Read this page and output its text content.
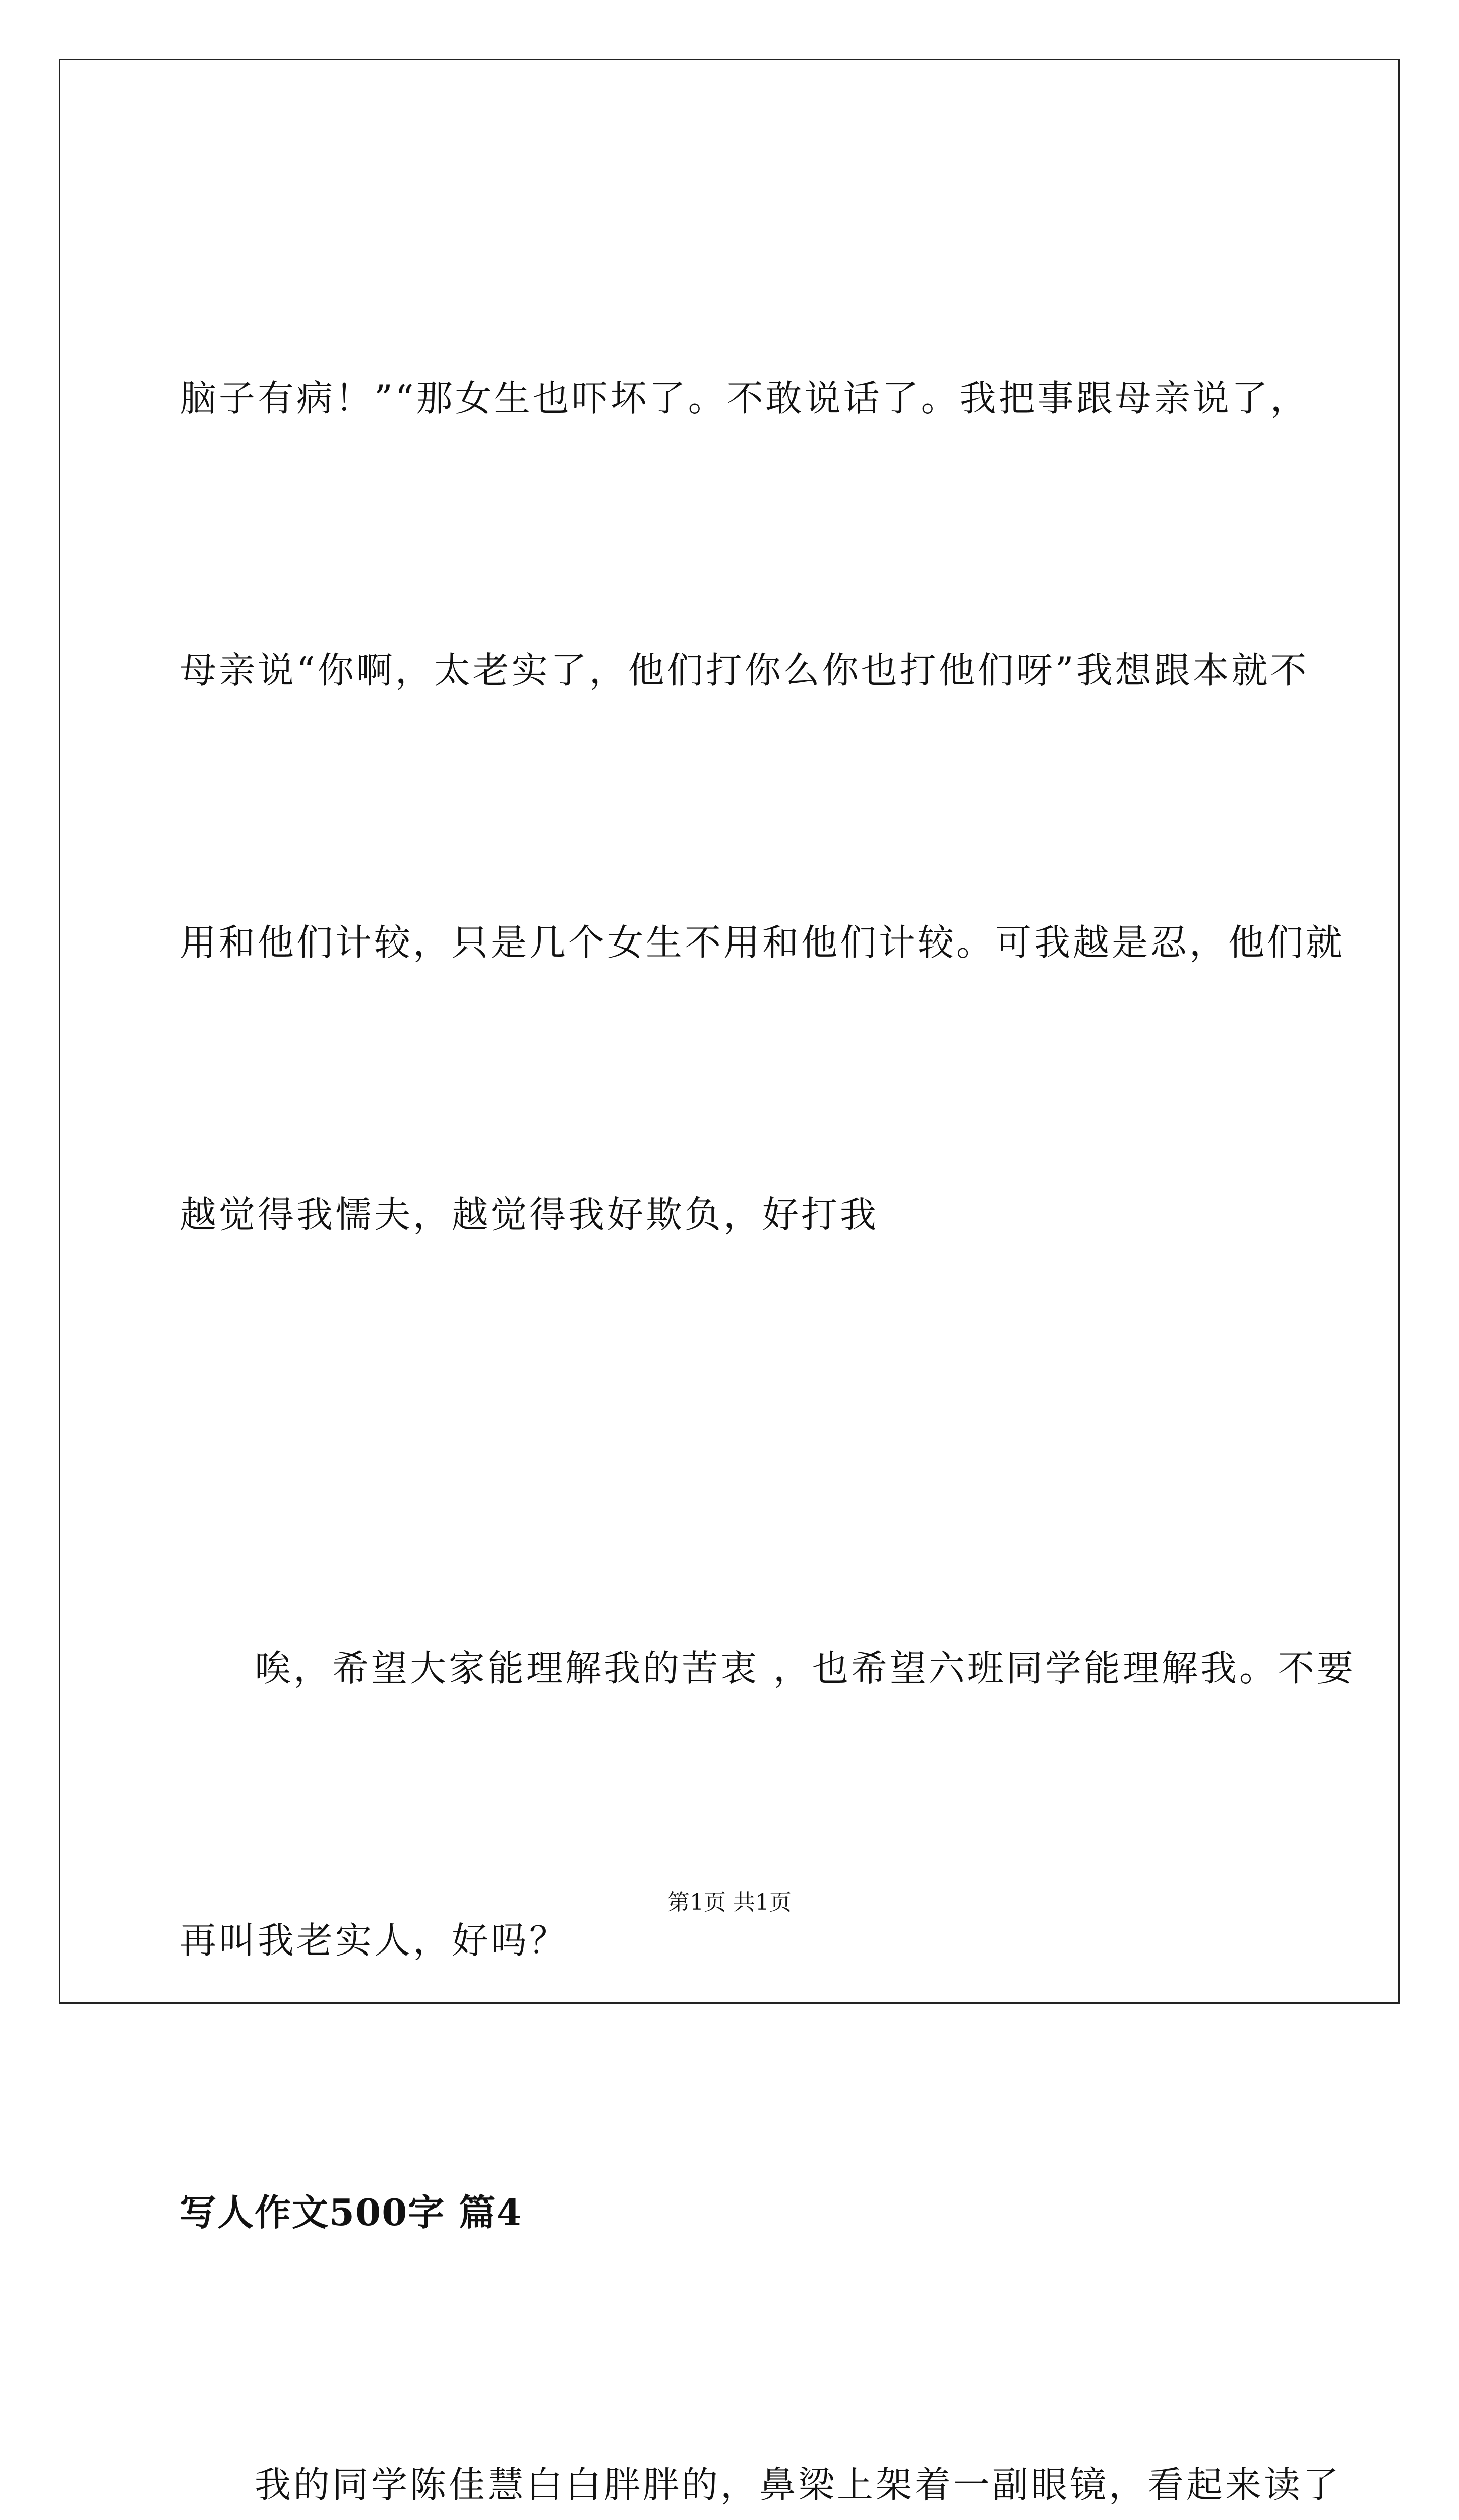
脑子有病！”“那女生也吓坏了。不敢说话了。我把事跟母亲说了，

母亲说“你啊，太老实了，他们打你么你也打他们呀”我想跟本就不

用和他们计较，只是几个女生不用和他们计较。可我越是忍，他们就

越觉得我懦夫，越觉得我好欺负，好打我

唉，希望大家能理解我的苦衷 ，也希望六班同学能理解我。不要

再叫我老实人，好吗？

写人作文500字 篇4

我的同学陈佳慧白白胖胖的，鼻梁上架着一副眼镜，看起来读了

第1页 共1页
